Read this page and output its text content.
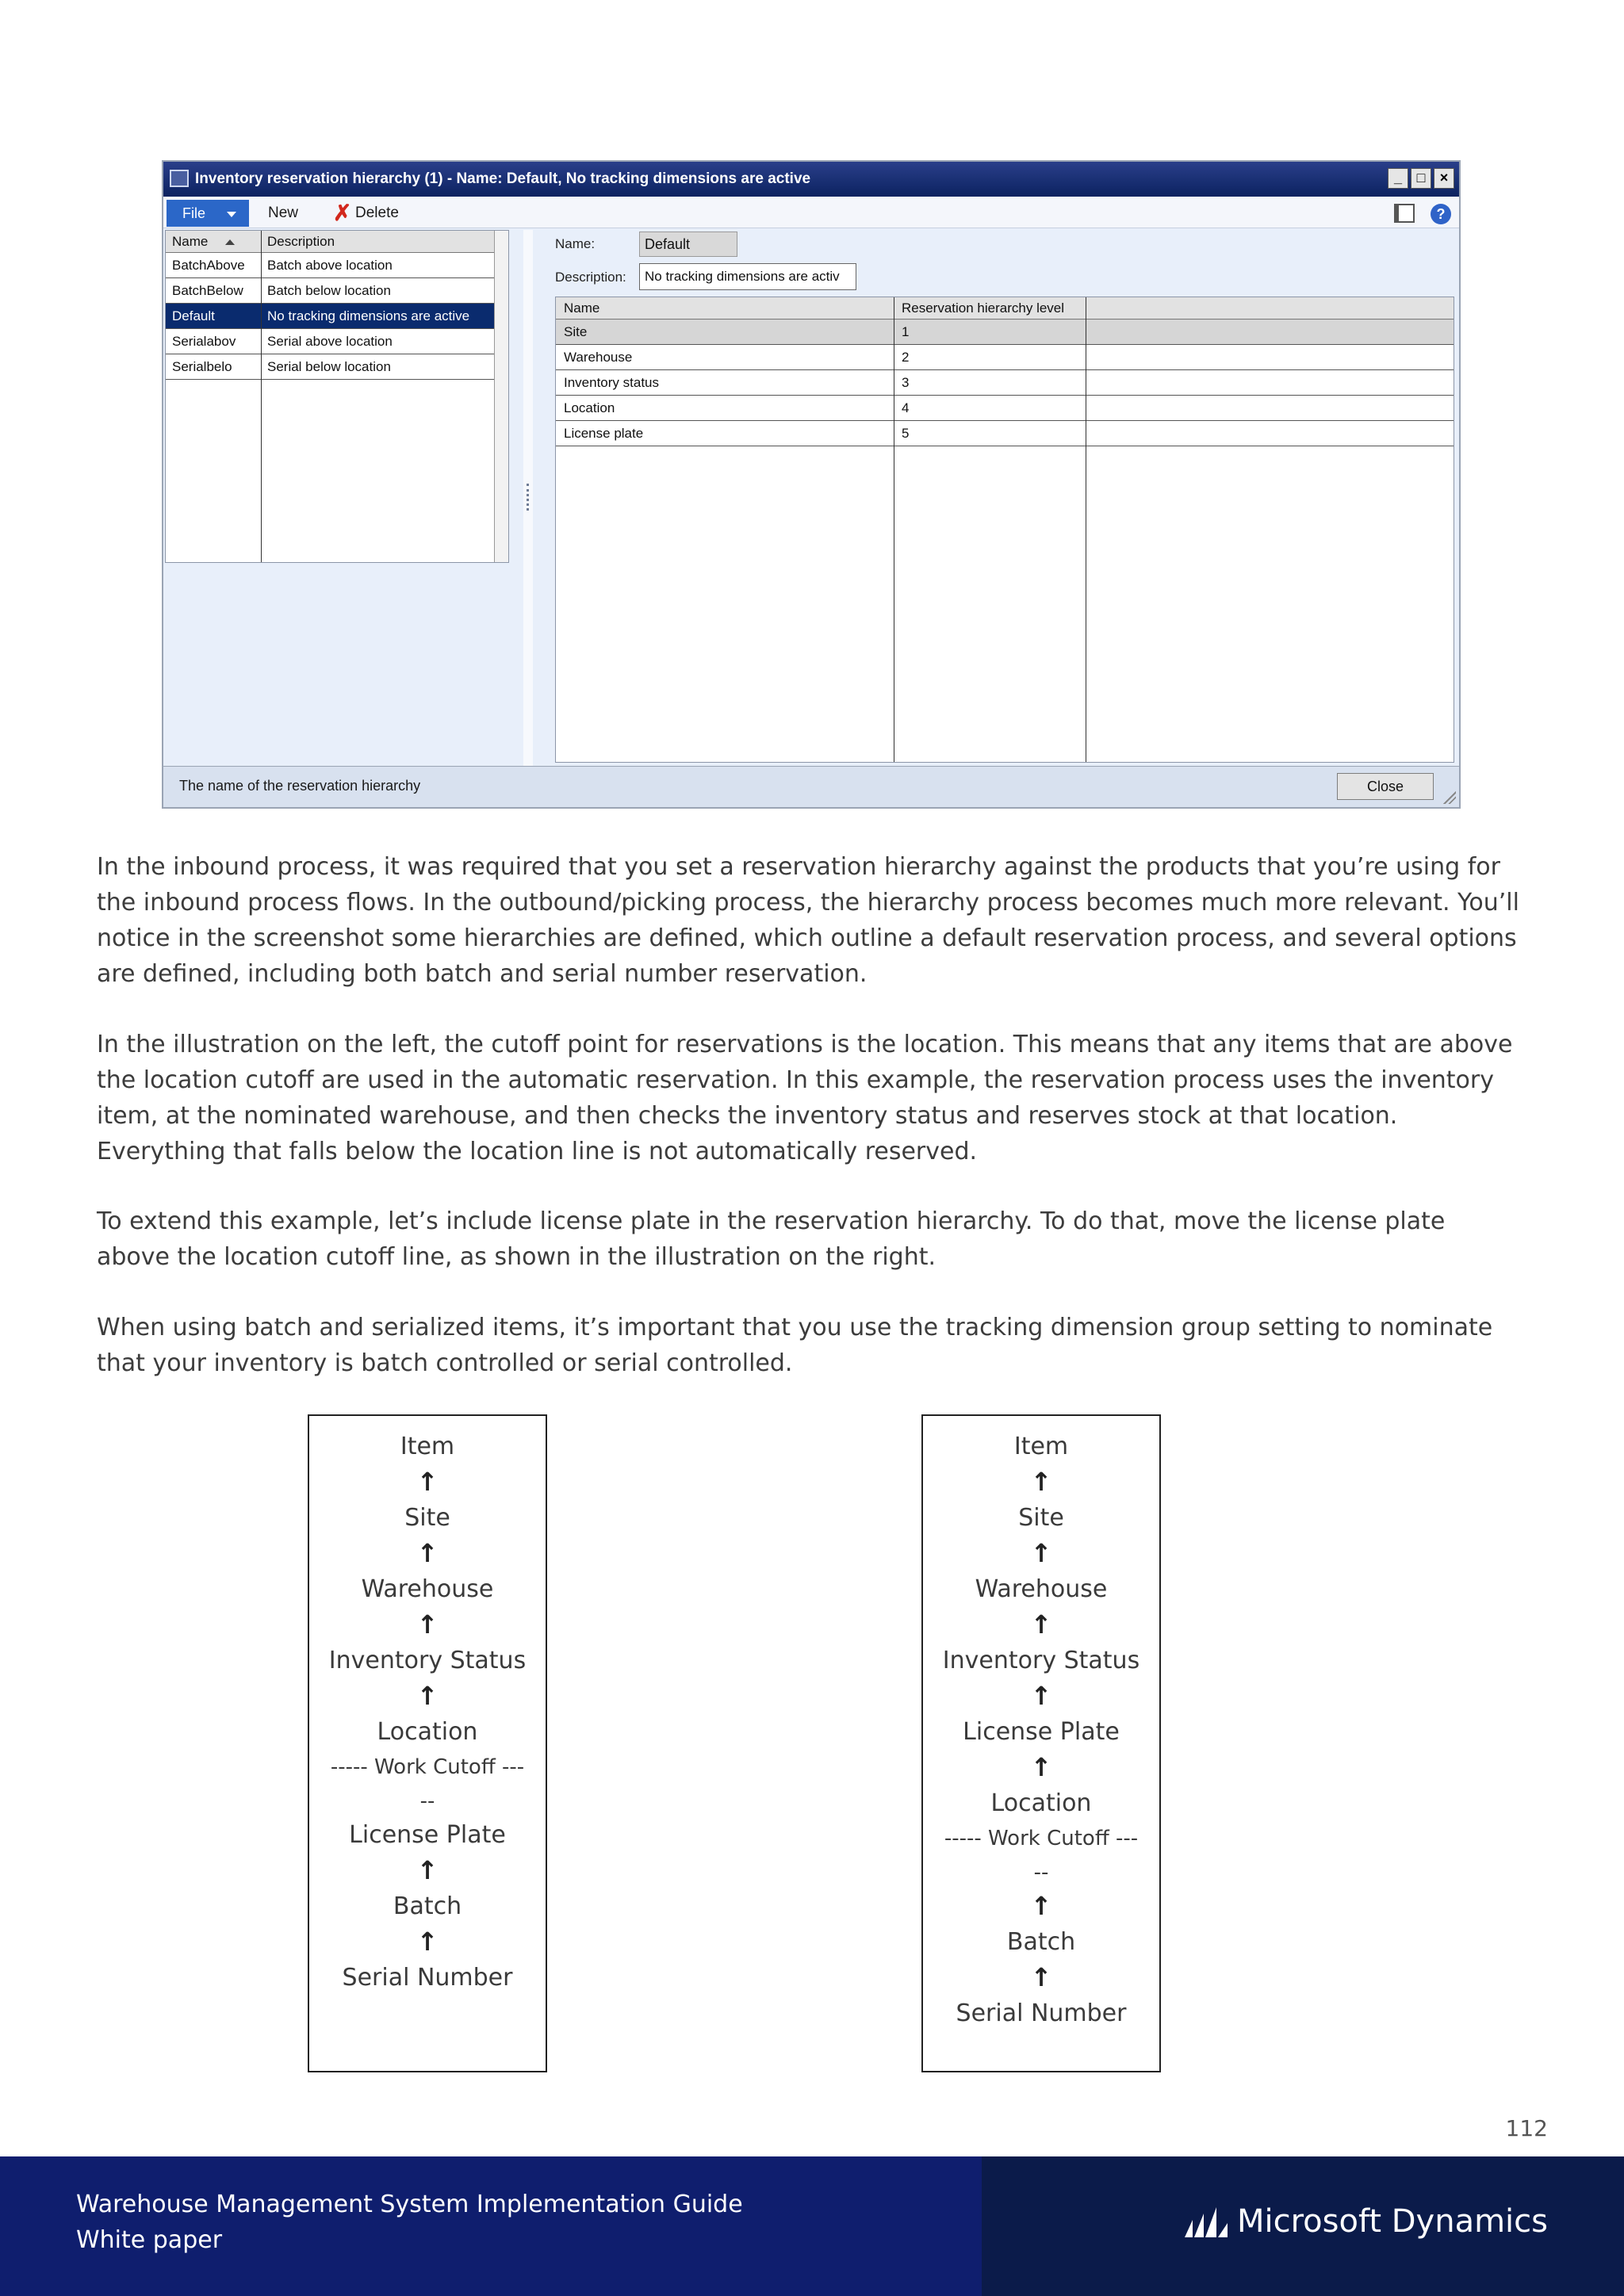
Inventory reservation hierarchy (1) - Name: Default, No tracking dimensions are active	_	□	×
File	New ✗ Delete	?
Name	Description
BatchAbove	Batch above location
BatchBelow	Batch below location
Default	No tracking dimensions are active
Serialabov	Serial above location
Serialbelo	Serial below location
Name:	Default
Description:	No tracking dimensions are activ
Name	Reservation hierarchy level
Site	1
Warehouse	2
Inventory status	3
Location	4
License plate	5
The name of the reservation hierarchy	Close

In the inbound process, it was required that you set a reservation hierarchy against the products that you’re using for the inbound process flows. In the outbound/picking process, the hierarchy process becomes much more relevant. You’ll notice in the screenshot some hierarchies are defined, which outline a default reservation process, and several options are defined, including both batch and serial number reservation.

In the illustration on the left, the cutoff point for reservations is the location. This means that any items that are above the location cutoff are used in the automatic reservation. In this example, the reservation process uses the inventory item, at the nominated warehouse, and then checks the inventory status and reserves stock at that location. Everything that falls below the location line is not automatically reserved.

To extend this example, let’s include license plate in the reservation hierarchy. To do that, move the license plate above the location cutoff line, as shown in the illustration on the right.

When using batch and serialized items, it’s important that you use the tracking dimension group setting to nominate that your inventory is batch controlled or serial controlled.

Item
↑
Site
↑
Warehouse
↑
Inventory Status
↑
Location
----- Work Cutoff ---
--
License Plate
↑
Batch
↑
Serial Number
Item
↑
Site
↑
Warehouse
↑
Inventory Status
↑
License Plate
↑
Location
----- Work Cutoff ---
--
↑
Batch
↑
Serial Number
112
Warehouse Management System Implementation Guide
White paper
Microsoft Dynamics
